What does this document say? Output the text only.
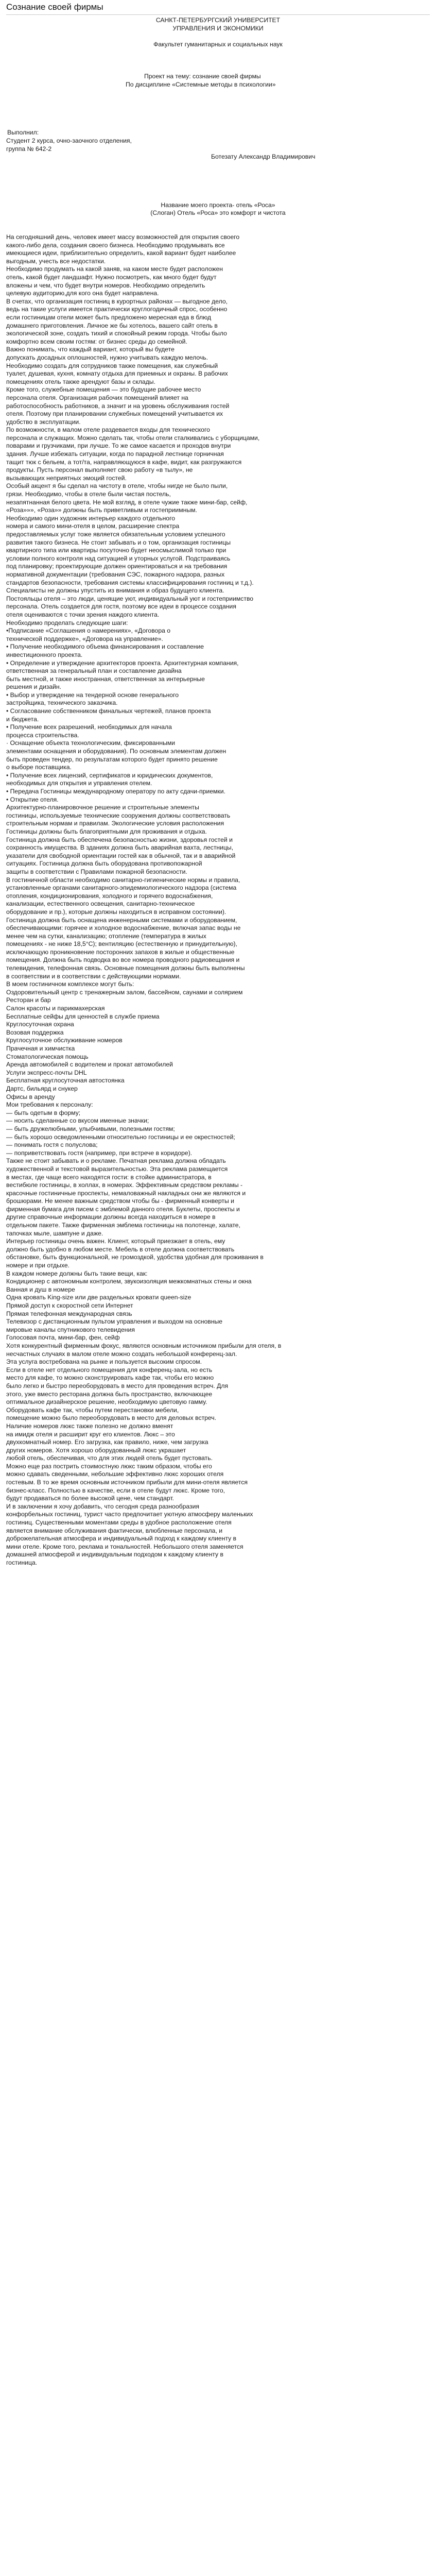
Сознание своей фирмы

САНКТ-ПЕТЕРБУРГСКИЙ УНИВЕРСИТЕТ

УПРАВЛЕНИЯ И ЭКОНОМИКИ

Факультет гуманитарных и социальных наук

Проект на тему: сознание своей фирмы

По дисциплине «Системные методы в психологии»

Выполнил:

Студент 2 курса, очно-заочного отделения,

группа № 642-2

Ботезату Александр Владимирович

Название моего проекта- отель «Роса»

(Слоган) Отель «Роса» это комфорт и чистота

На сегодняшний день, человек имеет массу возможностей для открытия своего

какого-либо дела, создания своего бизнеса. Необходимо продумывать все

имеющиеся идеи, приблизительно определить, какой вариант будет наиболее

выгодным, учесть все недостатки.

Необходимо продумать на какой заняв, на каком месте будет расположен

отель, какой будет ландшафт. Нужно посмотреть, как много будет будут

вложены и чем, что будет внутри номеров. Необходимо определить

целевую аудиторию,для кого она будет направлена.

В счетах, что организация гостиниц в курортных районах — выгодное дело,

ведь на такие услуги имеется практически круглогодичный спрос, особенно

если гостиницам отели может быть предложено мересная еда в блюд

домашнего приготовления. Личное же бы хотелось, вашего сайт отель в

экологической зоне, создать тихий и спокойный режим города. Чтобы было

комфортно всем своим гостям: от бизнес среды до семейной.

Важно понимать, что каждый вариант, который вы будете

допускать досадных оплошностей, нужно учитывать каждую мелочь.

Необходимо создать для сотрудников также помещения, как служебный

туалет, душевая, кухня, комнату отдыха для приемных и охраны. В рабочих

помещениях отель также арендуют базы и склады.

Кроме того, служебные помещения — это будущие рабочее место

персонала отеля. Организация рабочих помещений влияет на

работоспособность работников, а значит и на уровень обслуживания гостей

отеля. Поэтому при планировании служебных помещений учитывается их

удобство в эксплуатации.

По возможности, в малом отеле раздевается входы для технического

персонала и служащих. Можно сделать так, чтобы отели сталкивались с уборщицами,

поварами и грузчиками, при лучше. То же самое касается и проходов внутри

здания. Лучше избежать ситуации, когда по парадной лестнице горничная

тащит тюк с бельем, а тот/та, направляющуюся в кафе, видит, как разгружаются

продукты. Пусть персонал выполняет свою работу «в тылу», не

вызывающих неприятных эмоций гостей.

Особый акцент я бы сделал на чистоту в отеле, чтобы нигде не было пыли,

грязи. Необходимо, чтобы в отеле были чистая постель,

незапятнанная белого цвета. Не мой взгляд, в отеле чужие также мини-бар, сейф,

«Роза»»», «Роза»» должны быть приветливым и гостеприимным.

Необходимо один художник интерьер каждого отдельного

номера и самого мини-отеля в целом, расширение спектра

предоставляемых услуг тоже является обязательным условием успешного

развития такого бизнеса. Не стоит забывать и о том, организация гостиницы

квартирного типа или квартиры посуточно будет неосмыслимой только при

условии полного контроля над ситуацией и уторных услугой. Подстраиваясь

под планировку; проектирующие должен ориентироваться и на требования

нормативной документации (требования СЭС, пожарного надзора, разных

стандартов безопасности, требования системы классифицирования гостиниц и т.д.).

Специалисты не должны упустить из внимания и образ будущего клиента.

Постояльцы отеля – это люди, ценящие уют, индивидуальный уют и гостеприимство

персонала. Отель создается для гостя, поэтому все идеи в процессе создания

отеля оцениваются с точки зрения наждого клиента.

Необходимо проделать следующие шаги:

•Подписание «Соглашения о намерениях», «Договора о

технической поддержке», «Договора на управление».

• Получение необходимого объема финансирования и составление

инвестиционного проекта.

• Определение и утверждение архитекторов проекта. Архитектурная компания,

ответственная за генеральный план и составление дизайна

быть местной, и также иностранная, ответственная за интерьерные

решения и дизайн.

• Выбор и утверждение на тендерной основе генерального

застройщика, технического заказчика.

• Согласование собственником финальных чертежей, планов проекта

и бюджета.

• Получение всех разрешений, необходимых для начала

процесса строительства.

· Оснащение объекта технологическим, фиксированными

элементами оснащения и оборудования). По основным элементам должен

быть проведен тендер, по результатам которого будет принято решение

о выборе поставщика.

• Получение всех лицензий, сертификатов и юридических документов,

необходимых для открытия и управления отелем.

• Передача Гостиницы международному оператору по акту сдачи-приемки.

• Открытие отеля.

Архитектурно-планировочное решение и строительные элементы

гостиницы, используемые технические сооружения должны соответствовать

строительным нормам и правилам. Экологические условия расположения

Гостиницы должны быть благоприятными для проживания и отдыха.

Гостиница должна быть обеспечена безопасностью жизни, здоровья гостей и

сохранность имущества. В зданиях должна быть аварийная вахта, лестницы,

указатели для свободной ориентации гостей как в обычной, так и в аварийной

ситуациях. Гостиница должна быть оборудована противопожарной

защиты в соответствии с Правилами пожарной безопасности.

В гостиничной области необходимо санитарно-гигиенические нормы и правила,

установленные органами санитарного-эпидемиологического надзора (система

отопления, кондиционирования, холодного и горячего водоснабжения,

канализации, естественного освещения, санитарно-техническое

оборудование и пр.), которые должны находиться в исправном состоянии).

Гостиница должна быть оснащена инженерными системами и оборудованием,

обеспечивающими: горячее и холодное водоснабжение, включая запас воды не

менее чем на сутки, канализацию; отопление (температура в жилых

помещениях - не ниже 18,5°С); вентиляцию (естественную и принудительную),

исключающую проникновение посторонних запахов в жилые и общественные

помещения. Должна быть подводка во все номера проводного радиовещания и

телевидения, телефонная связь. Основные помещения должны быть выполнены

в соответствии и в соответствии с действующими нормами.

В моем гостиничном комплексе могут быть:

Оздоровительный центр с тренажерным залом, бассейном, саунами и солярием

Ресторан и бар

Салон красоты и парикмахерская

Бесплатные сейфы для ценностей в службе приема

Круглосуточная охрана

Возовая поддержка

Круглосуточное обслуживание номеров

Прачечная и химчистка

Стоматологическая помощь

Аренда автомобилей с водителем и прокат автомобилей

Услуги экспресс-почты DHL

Бесплатная круглосуточная автостоянка

Дартс, бильярд и снукер

Офисы в аренду

Мои требования к персоналу:

— быть одетым в форму;

— носить сделанные со вкусом именные значки;

— быть дружелюбными, улыбчивыми, полезными гостям;

— быть хорошо осведомленными относительно гостиницы и ее окрестностей;

— понимать гостя с полуслова;

— поприветствовать гостя (например, при встрече в коридоре).

Также не стоит забывать и о рекламе. Печатная реклама должна обладать

художественной и текстовой выразительностью. Эта реклама размещается

в местах, где чаще всего находятся гости: в стойке администратора, в

вестибюле гостиницы, в холлах, в номерах. Эффективным средством рекламы -

красочные гостиничные проспекты, немаловажный накладных они же являются и

брошюрами. Не менее важным средством чтобы бы - фирменный конверты и

фирменная бумага для писем с эмблемой данного отеля. Буклеты, проспекты и

другие справочные информации должны всегда находиться в номере в

отдельном пакете. Также фирменная эмблема гостиницы на полотенце, халате,

тапочках мыле, шампуне и даже.

Интерьер гостиницы очень важен. Клиент, который приезжает в отель, ему

должно быть удобно в любом месте. Мебель в отеле должна соответствовать

обстановке, быть функциональной, не громоздкой, удобства удобная для проживания в

номере и при отдыхе.

В каждом номере должны быть такие вещи, как:

Кондиционер с автономным контролем, звукоизоляция межкомнатных стены и окна

Ванная и душ в номере

Одна кровать King-size или две раздельных кровати queen-size

Прямой доступ к скоростной сети Интернет

Прямая телефонная международная связь

Телевизор с дистанционным пультом управления и выходом на основные

мировые каналы спутникового телевидения

Голосовая почта, мини-бар, фен, сейф

Хотя конкурентный фирменным фокус, являются основным источником прибыли для отеля, в

несчастных случаях в малом отеле можно создать небольшой конференц-зал.

Эта услуга востребована на рынке и пользуется высоким спросом.

Если в отеле нет отдельного помещения для конференц-зала, но есть

место для кафе, то можно сконструировать кафе так, чтобы его можно

было легко и быстро переоборудовать в место для проведения встреч. Для

этого, уже вместо ресторана должна быть пространство, включающее

оптимальное дизайнерское решение, необходимую цветовую гамму.

Оборудовать кафе так, чтобы путем перестановки мебели,

помещение можно было переоборудовать в место для деловых встреч.

Наличие номеров люкс также полезно не должно вменят

на имидж отеля и расширит круг его клиентов. Люкс – это

двухкомнатный номер. Его загрузка, как правило, ниже, чем загрузка

других номеров. Хотя хорошо оборудованный люкс украшает

любой отель, обеспечивая, что для этих людей отель будет пустовать.

Можно еще раз пострить стоимостную люкс таким образом, чтобы его

можно сдавать сведенными, небольшие эффективно люкс хороших отеля

гостевым. В то же время основным источником прибыли для мини-отеля является

бизнес-класс. Полностью в качестве, если в отеле будут люкс. Кроме того,

будут продаваться по более высокой цене, чем стандарт.

И в заключении я хочу добавить, что сегодня среда разнообразия

конфорбельных гостиниц, турист часто предпочитает уютную атмосферу маленьких

гостиниц. Существенными моментами среды в удобное расположение отеля

является внимание обслуживания фактически, влюбленные персонала, и

доброжелательная атмосфера и индивидуальный подход к каждому клиенту в

мини отеле. Кроме того, реклама и тональностей. Небольшого отеля заменяется

домашней атмосферой и индивидуальным подходом к каждому клиенту в

гостиница.
